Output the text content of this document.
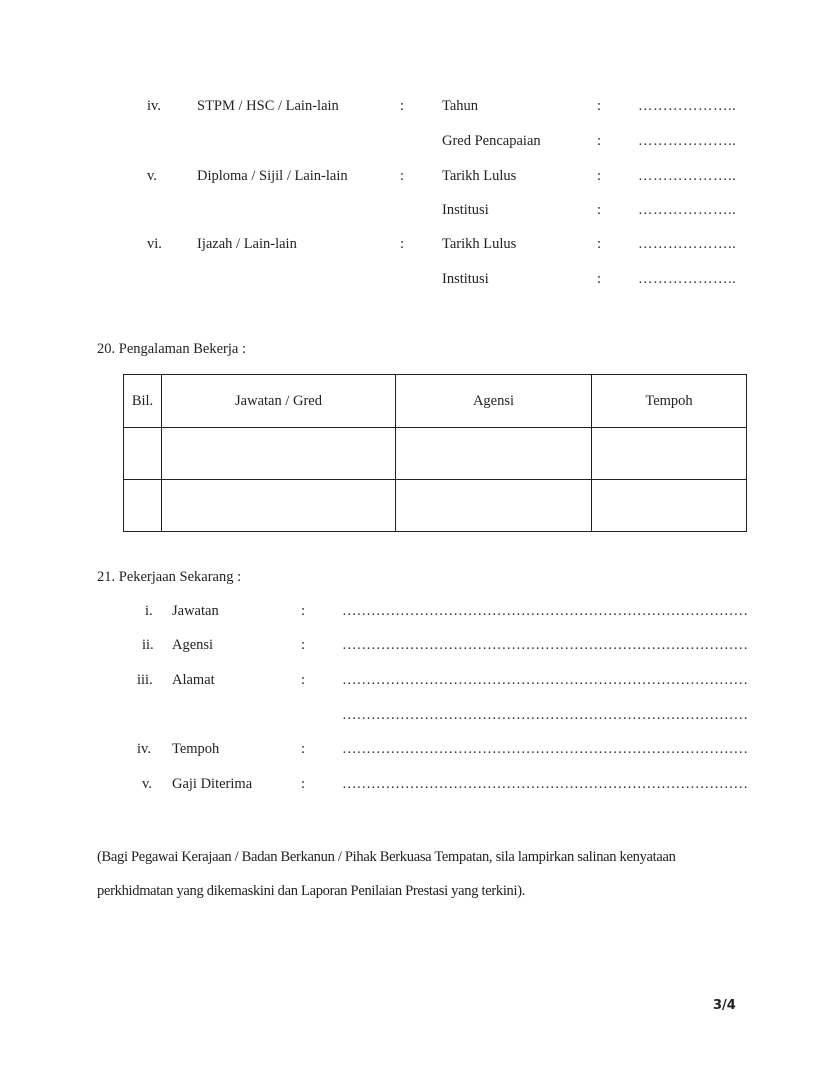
iv. STPM / HSC / Lain-lain	:	Tahun	:	………………..
Gred Pencapaian	:	………………..
v.	Diploma / Sijil / Lain-lain	:	Tarikh Lulus	:	………………..
Institusi	:	………………..
vi. Ijazah / Lain-lain	:	Tarikh Lulus	:	………………..
Institusi	:	………………..
20. Pengalaman Bekerja :
Bil.	Jawatan / Gred	Agensi	Tempoh

21. Pekerjaan Sekarang :
i. Jawatan	:	…………………………………………………………………………
ii. Agensi	:	…………………………………………………………………………
iii. Alamat	:	…………………………………………………………………………
…………………………………………………………………………
iv. Tempoh	:	…………………………………………………………………………
v. Gaji Diterima	:	…………………………………………………………………………
(Bagi Pegawai Kerajaan / Badan Berkanun / Pihak Berkuasa Tempatan, sila lampirkan salinan kenyataan
perkhidmatan yang dikemaskini dan Laporan Penilaian Prestasi yang terkini).
3/4
